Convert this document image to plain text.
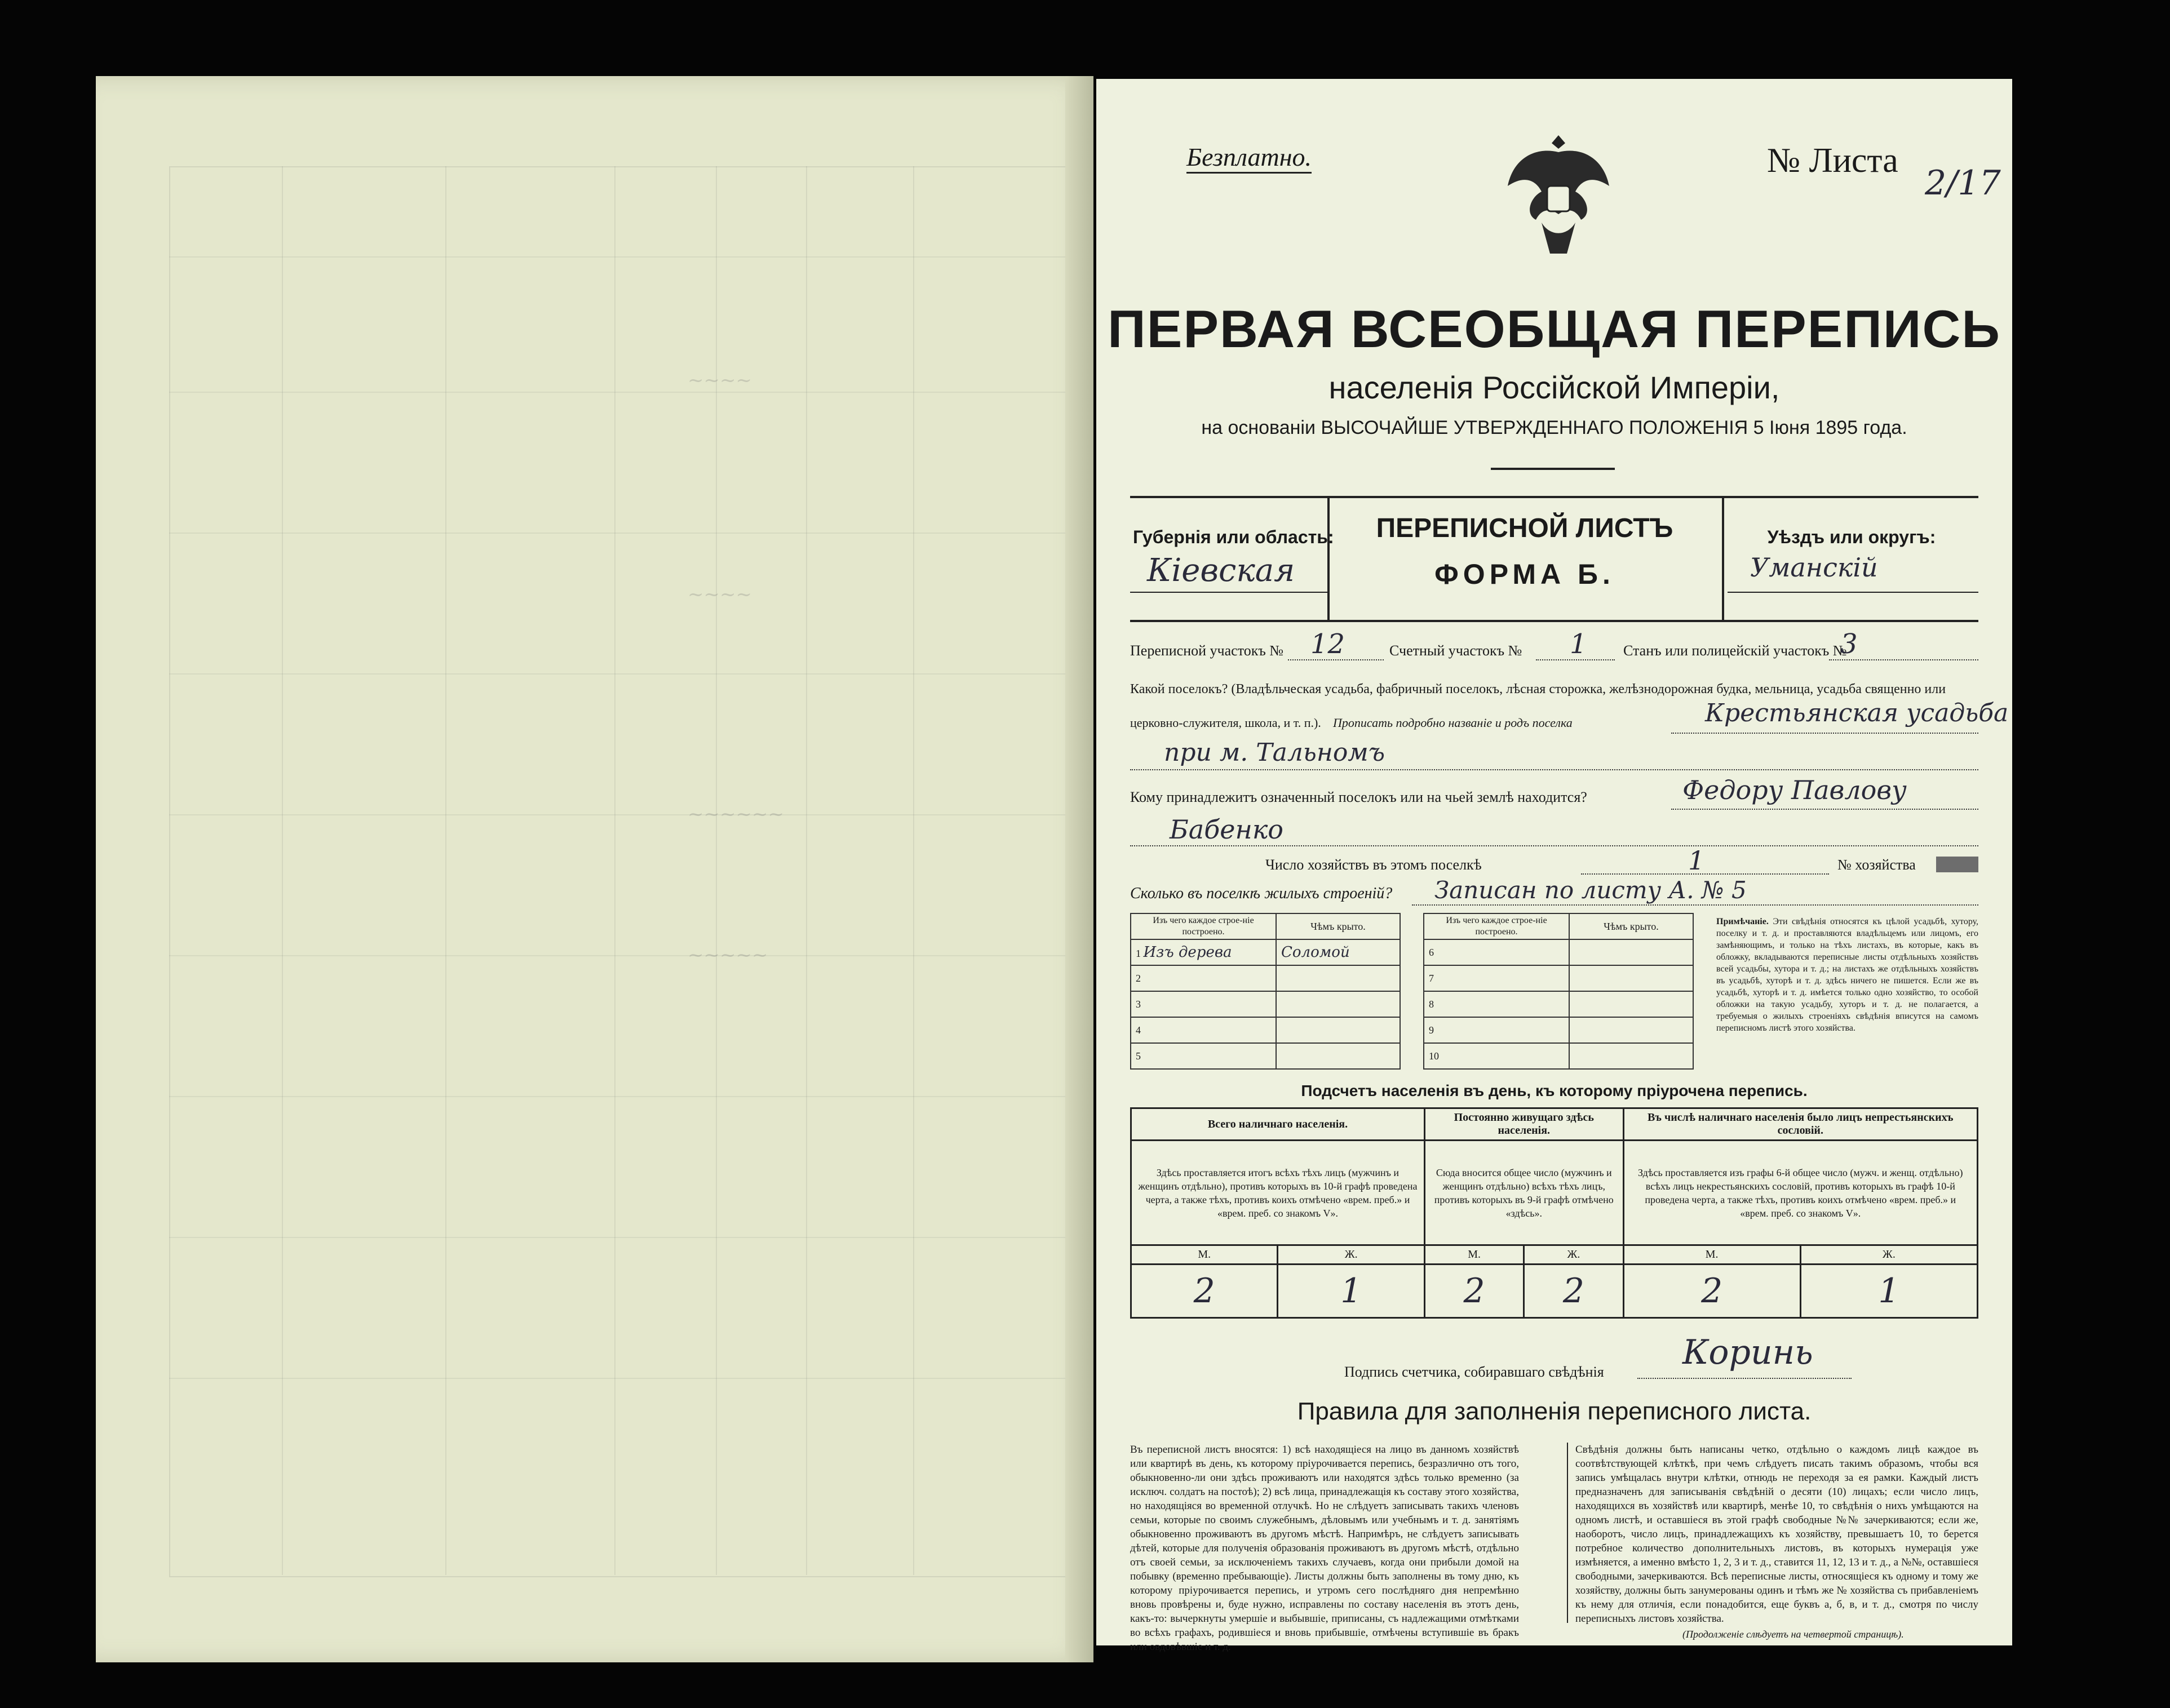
~~~~
~~~~
~~~~~~
~~~~~
Безплатно.	№ Листа
2/17
ПЕРВАЯ ВСЕОБЩАЯ ПЕРЕПИСЬ
населенія Россійской Имперіи,
на основаніи ВЫСОЧАЙШЕ УТВЕРЖДЕННАГО ПОЛОЖЕНІЯ 5 Іюня 1895 года.
Губернія или область:
Кіевская
ПЕРЕПИСНОЙ ЛИСТЪ
ФОРМА Б.
Уѣздъ или округъ:
Уманскій
Переписной участокъ № 12	Счетный участокъ № 1 Станъ или полицейскій участокъ №
3
Какой поселокъ? (Владѣльческая усадьба, фабричный поселокъ, лѣсная сторожка, желѣзнодорожная будка, мельница, усадьба священно или
церковно-служителя, школа, и т. п.). Прописать подробно названіе и родъ поселка	Крестьянская усадьба
при м. Тальномъ
Кому принадлежитъ означенный поселокъ или на чьей землѣ находится?	Федору Павлову
Бабенко
Число хозяйствъ въ этомъ поселкѣ	1	№ хозяйства
Сколько въ поселкѣ жилыхъ строеній? Записан по листу А. № 5
Изъ чего каждое строе-ніе построено.	Чѣмъ крыто.
1 Изъ дерева	Соломой
2	
3	
4	
5	
Изъ чего каждое строе-ніе построено.	Чѣмъ крыто.
6	
7	
8	
9	
10	
Примѣчаніе. Эти свѣдѣнія относятся къ цѣлой усадьбѣ, хутору, поселку и т. д. и проставляются владѣльцемъ или лицомъ, его замѣняющимъ, и только на тѣхъ листахъ, въ которые, какъ въ обложку, вкладываются переписные листы отдѣльныхъ хозяйствъ всей усадьбы, хутора и т. д.; на листахъ же отдѣльныхъ хозяйствъ въ усадьбѣ, хуторѣ и т. д. здѣсь ничего не пишется. Если же въ усадьбѣ, хуторѣ и т. д. имѣется только одно хозяйство, то особой обложки на такую усадьбу, хуторъ и т. д. не полагается, а требуемыя о жилыхъ строеніяхъ свѣдѣнія вписутся на самомъ переписномъ листѣ этого хозяйства.
Подсчетъ населенія въ день, къ которому пріурочена перепись.
Всего наличнаго населенія.		Постоянно живущаго здѣсь населенія.		Въ числѣ наличнаго населенія было лицъ непрестьянскихъ сословій.	
Здѣсь проставляется итогъ всѣхъ тѣхъ лицъ (мужчинъ и женщинъ отдѣльно), противъ которыхъ въ 10-й графѣ проведена черта, а также тѣхъ, противъ коихъ отмѣчено «врем. преб.» и «врем. преб. со знакомъ V».		Сюда вносится общее число (мужчинъ и женщинъ отдѣльно) всѣхъ тѣхъ лицъ, противъ которыхъ въ 9-й графѣ отмѣчено «здѣсь».		Здѣсь проставляется изъ графы 6-й общее число (мужч. и женщ. отдѣльно) всѣхъ лицъ некрестьянскихъ сословій, противъ которыхъ въ графѣ 10-й проведена черта, а также тѣхъ, противъ коихъ отмѣчено «врем. преб.» и «врем. преб. со знакомъ V».	
М.	Ж.	М.	Ж.	М.	Ж.
2	1	2	2	2	1
Подпись счетчика, собиравшаго свѣдѣнія Коринь
Правила для заполненія переписного листа.
Въ переписной листъ вносятся: 1) всѣ находящіеся на лицо въ данномъ хозяйствѣ или квартирѣ въ день, къ которому пріурочивается перепись, безразлично отъ того, обыкновенно-ли они здѣсь проживаютъ или находятся здѣсь только временно (за исключ. солдатъ на постоѣ); 2) всѣ лица, принадлежащія къ составу этого хозяйства, но находящіяся во временной отлучкѣ. Но не слѣдуетъ записывать такихъ членовъ семьи, которые по своимъ служебнымъ, дѣловымъ или учебнымъ и т. д. занятіямъ обыкновенно проживаютъ въ другомъ мѣстѣ. Напримѣръ, не слѣдуетъ записывать дѣтей, которые для полученія образованія проживаютъ въ другомъ мѣстѣ, отдѣльно отъ своей семьи, за исключеніемъ такихъ случаевъ, когда они прибыли домой на побывку (временно пребывающіе). Листы должны быть заполнены въ тому дню, къ которому пріурочивается перепись, и утромъ сего послѣдняго дня непремѣнно вновь провѣрены и, буде нужно, исправлены по составу населенія въ этотъ день, какъ-то: вычеркнуты умершіе и выбывшіе, приписаны, съ надлежащими отмѣтками во всѣхъ графахъ, родившіеся и вновь прибывшіе, отмѣчены вступившіе въ бракъ или овдовѣвшіе и т. д.
Свѣдѣнія должны быть написаны четко, отдѣльно о каждомъ лицѣ каждое въ соотвѣтствующей клѣткѣ, при чемъ слѣдуетъ писать такимъ образомъ, чтобы вся запись умѣщалась внутри клѣтки, отнюдь не переходя за ея рамки. Каждый листъ предназначенъ для записыванія свѣдѣній о десяти (10) лицахъ; если число лицъ, находящихся въ хозяйствѣ или квартирѣ, менѣе 10, то свѣдѣнія о нихъ умѣщаются на одномъ листѣ, и оставшіеся въ этой графѣ свободные №№ зачеркиваются; если же, наоборотъ, число лицъ, принадлежащихъ къ хозяйству, превышаетъ 10, то берется потребное количество дополнительныхъ листовъ, въ которыхъ нумерація уже измѣняется, а именно вмѣсто 1, 2, 3 и т. д., ставится 11, 12, 13 и т. д., а №№, оставшіеся свободными, зачеркиваются. Всѣ переписные листы, относящіеся къ одному и тому же хозяйству, должны быть занумерованы одинъ и тѣмъ же № хозяйства съ прибавленіемъ къ нему для отличія, если понадобится, еще буквъ а, б, в, и т. д., смотря по числу переписныхъ листовъ хозяйства.
(Продолженіе слѣдуетъ на четвертой страницѣ).
